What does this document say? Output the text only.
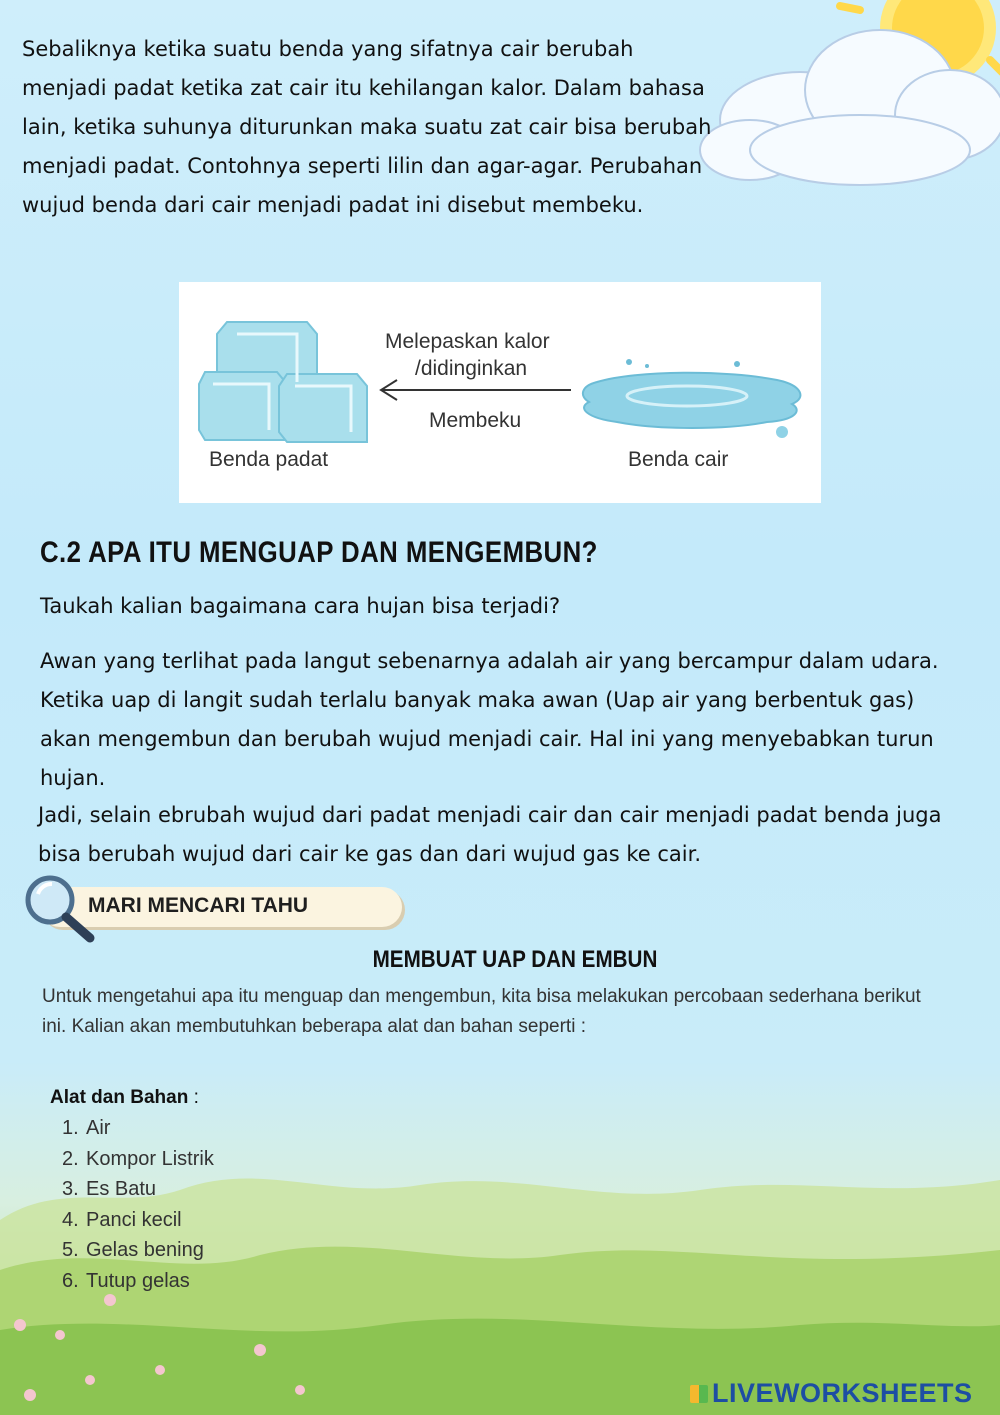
Sebaliknya ketika suatu benda yang sifatnya cair berubah menjadi padat ketika zat cair itu kehilangan kalor. Dalam bahasa lain, ketika suhunya diturunkan maka suatu zat cair bisa berubah menjadi padat. Contohnya seperti lilin dan agar-agar. Perubahan wujud benda dari cair menjadi padat ini disebut membeku.
Melepaskan kalor
/didinginkan
Membeku
Benda padat	Benda cair
C.2 APA ITU MENGUAP DAN MENGEMBUN?
Taukah kalian bagaimana cara hujan bisa terjadi?
Awan yang terlihat pada langut sebenarnya adalah air yang bercampur dalam udara. Ketika uap di langit sudah terlalu banyak maka awan (Uap air yang berbentuk gas) akan mengembun dan berubah wujud menjadi cair. Hal ini yang menyebabkan turun hujan.
Jadi, selain ebrubah wujud dari padat menjadi cair dan cair menjadi padat benda juga bisa berubah wujud dari cair ke gas dan dari wujud gas ke cair.
MARI MENCARI TAHU
MEMBUAT UAP DAN EMBUN
Untuk mengetahui apa itu menguap dan mengembun, kita bisa melakukan percobaan sederhana berikut ini. Kalian akan membutuhkan beberapa alat dan bahan seperti :
Alat dan Bahan :
1. Air
2. Kompor Listrik
3. Es Batu
4. Panci kecil
5. Gelas bening
6. Tutup gelas
LIVEWORKSHEETS
